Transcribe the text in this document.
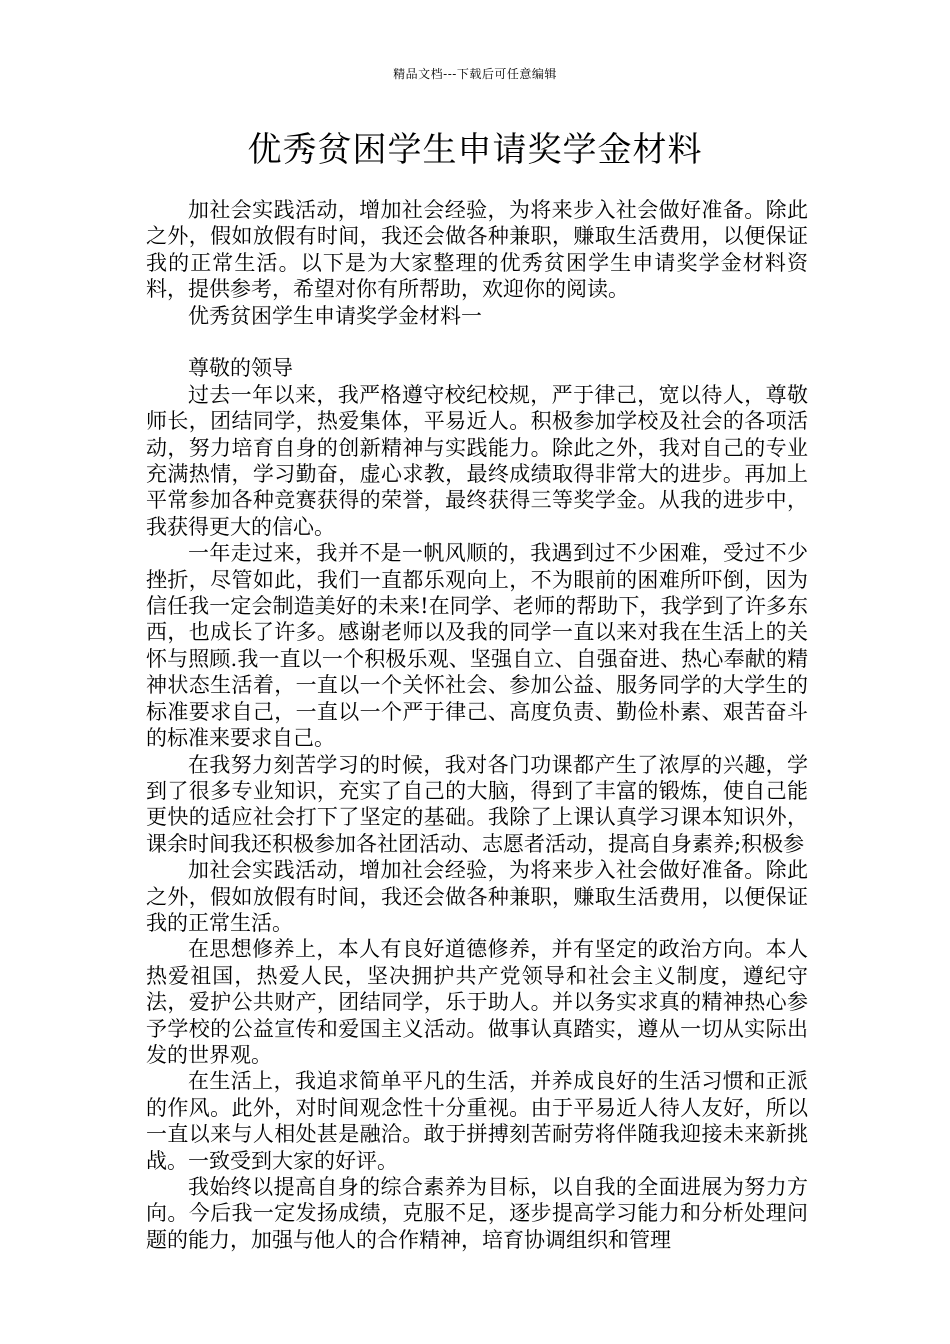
精品文档---下载后可任意编辑
优秀贫困学生申请奖学金材料

加社会实践活动，增加社会经验，为将来步入社会做好准备。除此之外，假如放假有时间，我还会做各种兼职，赚取生活费用，以便保证我的正常生活。以下是为大家整理的优秀贫困学生申请奖学金材料资料，提供参考，希望对你有所帮助，欢迎你的阅读。

优秀贫困学生申请奖学金材料一

尊敬的领导

过去一年以来，我严格遵守校纪校规，严于律己，宽以待人，尊敬师长，团结同学，热爱集体，平易近人。积极参加学校及社会的各项活动，努力培育自身的创新精神与实践能力。除此之外，我对自己的专业充满热情，学习勤奋，虚心求教，最终成绩取得非常大的进步。再加上平常参加各种竞赛获得的荣誉，最终获得三等奖学金。从我的进步中，我获得更大的信心。

一年走过来，我并不是一帆风顺的，我遇到过不少困难，受过不少挫折，尽管如此，我们一直都乐观向上，不为眼前的困难所吓倒，因为信任我一定会制造美好的未来!在同学、老师的帮助下，我学到了许多东西，也成长了许多。感谢老师以及我的同学一直以来对我在生活上的关怀与照顾.我一直以一个积极乐观、坚强自立、自强奋进、热心奉献的精神状态生活着，一直以一个关怀社会、参加公益、服务同学的大学生的标准要求自己，一直以一个严于律己、高度负责、勤俭朴素、艰苦奋斗的标准来要求自己。

在我努力刻苦学习的时候，我对各门功课都产生了浓厚的兴趣，学到了很多专业知识，充实了自己的大脑，得到了丰富的锻炼，使自己能更快的适应社会打下了坚定的基础。我除了上课认真学习课本知识外，课余时间我还积极参加各社团活动、志愿者活动，提高自身素养;积极参

加社会实践活动，增加社会经验，为将来步入社会做好准备。除此之外，假如放假有时间，我还会做各种兼职，赚取生活费用，以便保证我的正常生活。

在思想修养上，本人有良好道德修养，并有坚定的政治方向。本人热爱祖国，热爱人民，坚决拥护共产党领导和社会主义制度，遵纪守法，爱护公共财产，团结同学，乐于助人。并以务实求真的精神热心参予学校的公益宣传和爱国主义活动。做事认真踏实，遵从一切从实际出发的世界观。

在生活上，我追求简单平凡的生活，并养成良好的生活习惯和正派的作风。此外，对时间观念性十分重视。由于平易近人待人友好，所以一直以来与人相处甚是融洽。敢于拼搏刻苦耐劳将伴随我迎接未来新挑战。一致受到大家的好评。

我始终以提高自身的综合素养为目标，以自我的全面进展为努力方向。今后我一定发扬成绩，克服不足，逐步提高学习能力和分析处理问题的能力，加强与他人的合作精神，培育协调组织和管理
